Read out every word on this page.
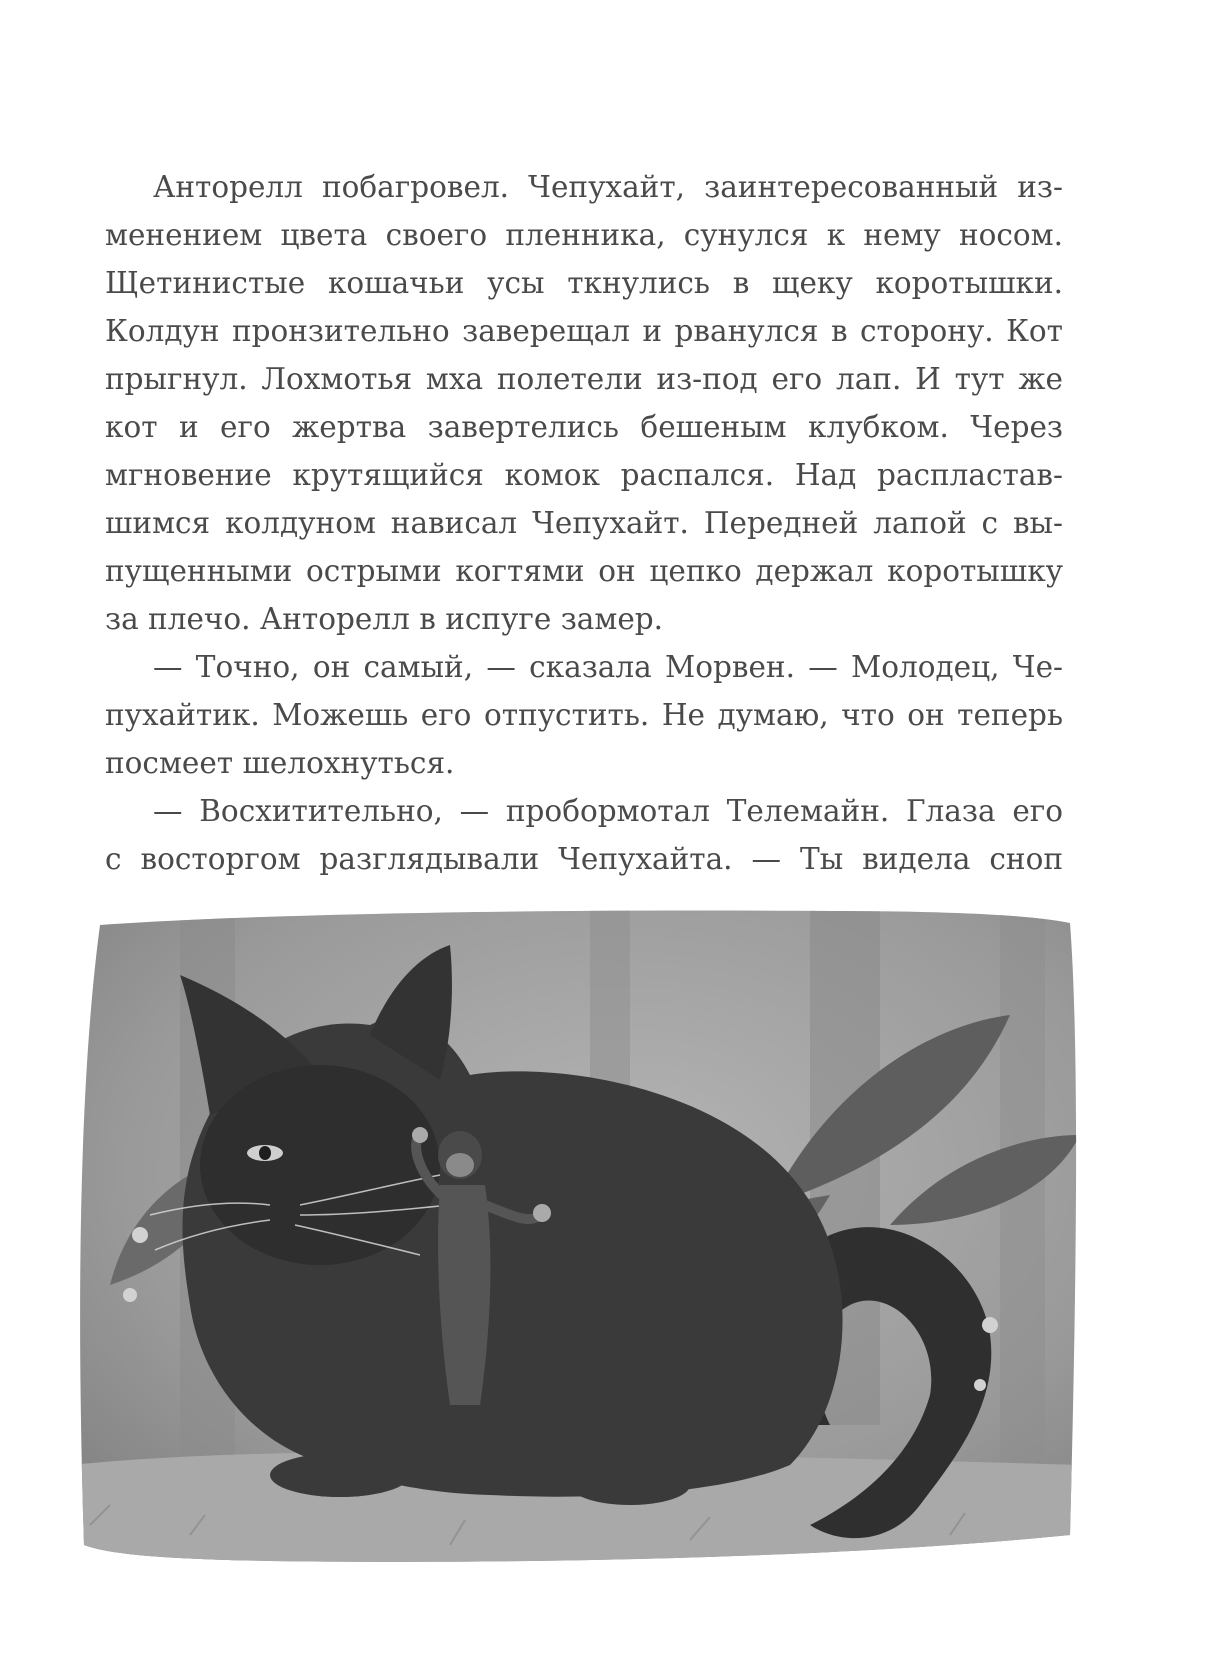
Анторелл побагровел. Чепухайт, заинтересованный из-
менением цвета своего пленника, сунулся к нему носом.
Щетинистые кошачьи усы ткнулись в щеку коротышки.
Колдун пронзительно заверещал и рванулся в сторону. Кот
прыгнул. Лохмотья мха полетели из-под его лап. И тут же
кот и его жертва завертелись бешеным клубком. Через
мгновение крутящийся комок распался. Над распластав-
шимся колдуном нависал Чепухайт. Передней лапой с вы-
пущенными острыми когтями он цепко держал коротышку
за плечо. Анторелл в испуге замер.
— Точно, он самый, — сказала Морвен. — Молодец, Че-
пухайтик. Можешь его отпустить. Не думаю, что он теперь
посмеет шелохнуться.
— Восхитительно, — пробормотал Телемайн. Глаза его
с восторгом разглядывали Чепухайта. — Ты видела сноп
